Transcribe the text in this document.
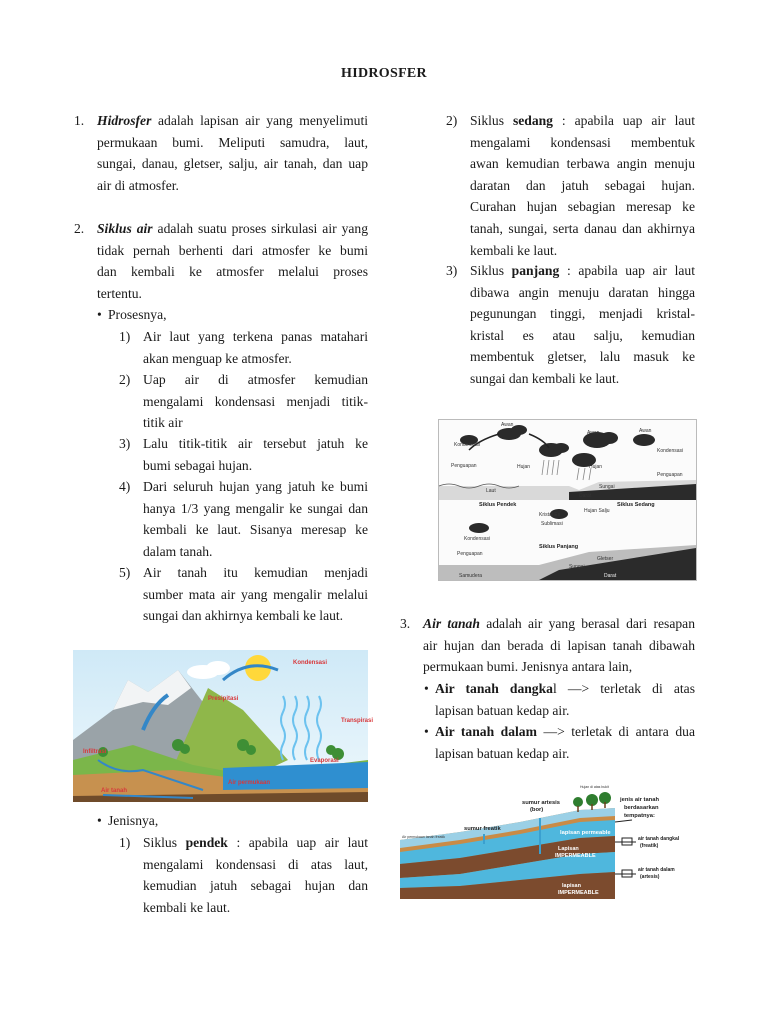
HIDROSFER
1. Hidrosfer adalah lapisan air yang menyelimuti
permukaan bumi. Meliputi samudra, laut,
sungai, danau, gletser, salju, air tanah, dan uap
air di atmosfer.
2. Siklus air adalah suatu proses sirkulasi air yang
tidak pernah berhenti dari atmosfer ke bumi
dan kembali ke atmosfer melalui proses
tertentu.
• Prosesnya,
1) Air laut yang terkena panas matahari
akan menguap ke atmosfer.
2) Uap air di atmosfer kemudian
mengalami kondensasi menjadi titik-
titik air
3) Lalu titik-titik air tersebut jatuh ke
bumi sebagai hujan.
4) Dari seluruh hujan yang jatuh ke bumi
hanya 1/3 yang mengalir ke sungai dan
kembali ke laut. Sisanya meresap ke
dalam tanah.
5) Air tanah itu kemudian menjadi
sumber mata air yang mengalir melalui
sungai dan akhirnya kembali ke laut.
Kondensasi
Presipitasi
Transpirasi
Evaporasi
Infiltrasi
Air permukaan
Air tanah
• Jenisnya,
1) Siklus pendek : apabila uap air laut
mengalami kondensasi di atas laut,
kemudian jatuh sebagai hujan dan
kembali ke laut.
2) Siklus sedang : apabila uap air laut
mengalami kondensasi membentuk
awan kemudian terbawa angin menuju
daratan dan jatuh sebagai hujan.
Curahan hujan sebagian meresap ke
tanah, sungai, serta danau dan akhirnya
kembali ke laut.
3) Siklus panjang : apabila uap air laut
dibawa angin menuju daratan hingga
pegunungan tinggi, menjadi kristal-
kristal es atau salju, kemudian
membentuk gletser, lalu masuk ke
sungai dan kembali ke laut.
Awan
Kondensasi
Penguapan	Hujan
Awan	Awan
Kondensasi
Penguapan
Hujan
Laut
Darat
Sungai
Kristal Es
Hujan Salju
Sublimasi
Kondensasi
Penguapan
Gletser
Sungai
Samudera	Darat
Siklus Pendek	Siklus Sedang
Siklus Panjang
3. Air tanah adalah air yang berasal dari resapan
air hujan dan berada di lapisan tanah dibawah
permukaan bumi. Jenisnya antara lain,
• Air tanah dangkal —> terletak di atas
lapisan batuan kedap air.
• Air tanah dalam —> terletak di antara dua
lapisan batuan kedap air.
jenis air tanah
berdasarkan
tempatnya:
sumur artesis
(bor)
sumur freatik
lapisan permeable
air tanah dangkal
(freatik)
air tanah dalam
(artesis)
Lapisan
IMPERMEABLE
lapisan
IMPERMEABLE
Air permukaan tanah freatik
Hujan di atas bukit
